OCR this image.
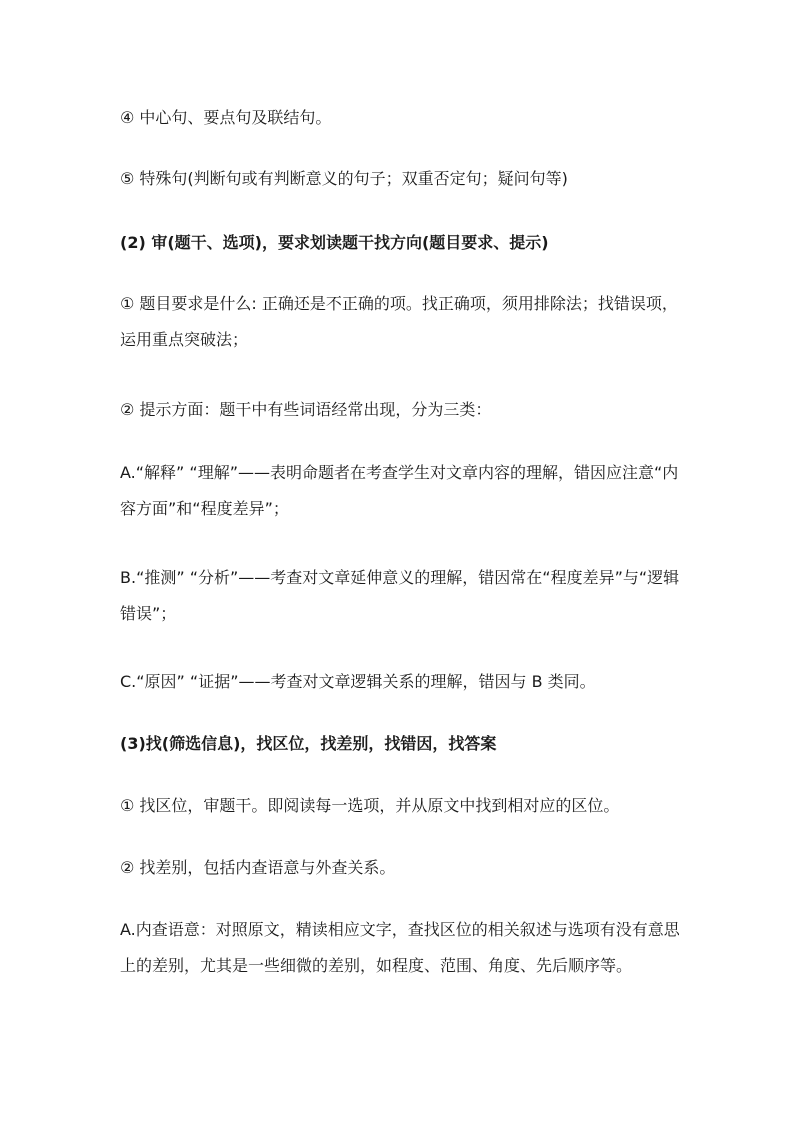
④ 中心句、要点句及联结句。

⑤ 特殊句(判断句或有判断意义的句子；双重否定句；疑问句等)

(2) 审(题干、选项)，要求划读题干找方向(题目要求、提示)

① 题目要求是什么: 正确还是不正确的项。找正确项，须用排除法；找错误项，运用重点突破法；

② 提示方面：题干中有些词语经常出现，分为三类：

A.“解释” “理解”——表明命题者在考查学生对文章内容的理解，错因应注意“内容方面”和“程度差异”；

B.“推测” “分析”——考查对文章延伸意义的理解，错因常在“程度差异”与“逻辑错误”；

C.“原因” “证据”——考查对文章逻辑关系的理解，错因与 B 类同。

(3)找(筛选信息)，找区位，找差别，找错因，找答案

① 找区位，审题干。即阅读每一选项，并从原文中找到相对应的区位。

② 找差别，包括内查语意与外查关系。

A.内查语意：对照原文，精读相应文字，查找区位的相关叙述与选项有没有意思上的差别，尤其是一些细微的差别，如程度、范围、角度、先后顺序等。
